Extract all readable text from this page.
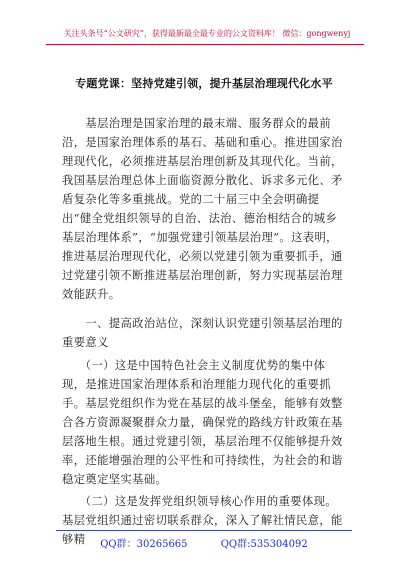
关注头条号“公文研究”，获得最新最全最专业的公文资料库！ 微信：gongwenyj
专题党课：坚持党建引领，提升基层治理现代化水平
　　基层治理是国家治理的最末端、服务群众的最前沿，是国家治理体系的基石、基础和重心。推进国家治理现代化，必须推进基层治理创新及其现代化。当前，我国基层治理总体上面临资源分散化、诉求多元化、矛盾复杂化等多重挑战。党的二十届三中全会明确提出“健全党组织领导的自治、法治、德治相结合的城乡基层治理体系”，“加强党建引领基层治理”。这表明，推进基层治理现代化，必须以党建引领为重要抓手，通过党建引领不断推进基层治理创新，努力实现基层治理效能跃升。
　　一、提高政治站位，深刻认识党建引领基层治理的重要意义
　　（一）这是中国特色社会主义制度优势的集中体现，是推进国家治理体系和治理能力现代化的重要抓手。基层党组织作为党在基层的战斗堡垒，能够有效整合各方资源凝聚群众力量，确保党的路线方针政策在基层落地生根。通过党建引领，基层治理不仅能够提升效率，还能增强治理的公平性和可持续性，为社会的和谐稳定奠定坚实基础。
　　（二）这是发挥党组织领导核心作用的重要体现。基层党组织通过密切联系群众，深入了解社情民意，能够精	QQ群：30265665	QQ群:535304092
